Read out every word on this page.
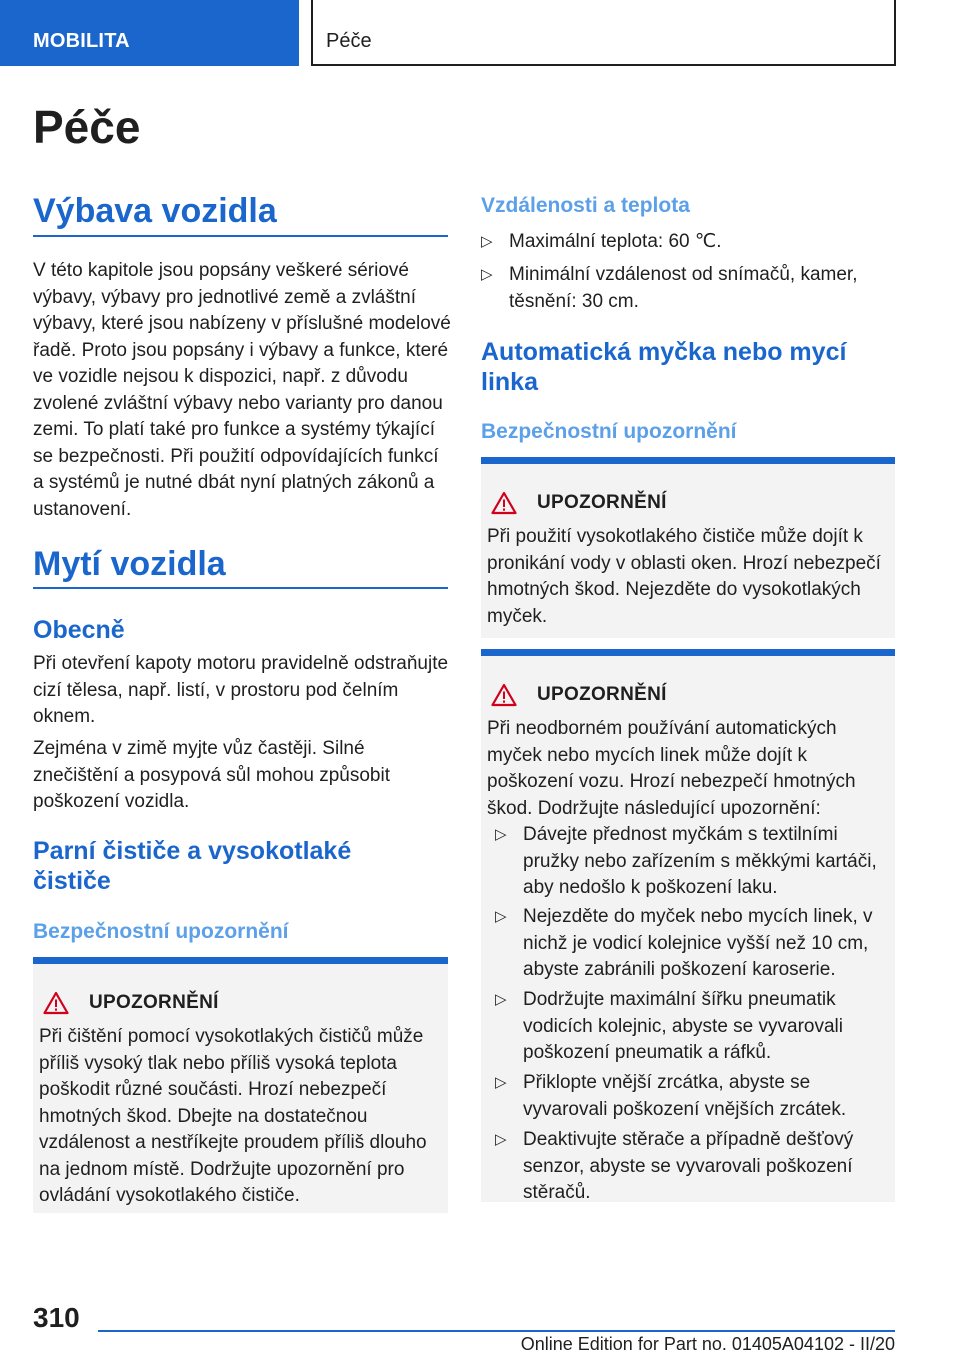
MOBILITA	Péče
Péče
Výbava vozidla
V této kapitole jsou popsány veškeré sériové výbavy, výbavy pro jednotlivé země a zvláštní výbavy, které jsou nabízeny v příslušné modelové řadě. Proto jsou popsány i výbavy a funkce, které ve vozidle nejsou k dispozici, např. z důvodu zvolené zvláštní výbavy nebo varianty pro danou zemi. To platí také pro funkce a systémy týkající se bezpečnosti. Při použití odpovídajících funkcí a systémů je nutné dbát nyní platných zákonů a ustanovení.
Mytí vozidla
Obecně
Při otevření kapoty motoru pravidelně odstraňujte cizí tělesa, např. listí, v prostoru pod čelním oknem.
Zejména v zimě myjte vůz častěji. Silné znečištění a posypová sůl mohou způsobit poškození vozidla.
Parní čističe a vysokotlaké čističe
Bezpečnostní upozornění
UPOZORNĚNÍ
Při čištění pomocí vysokotlakých čističů může příliš vysoký tlak nebo příliš vysoká teplota poškodit různé součásti. Hrozí nebezpečí hmotných škod. Dbejte na dostatečnou vzdálenost a nestříkejte proudem příliš dlouho na jednom místě. Dodržujte upozornění pro ovládání vysokotlakého čističe.
Vzdálenosti a teplota
▷ Maximální teplota: 60 ℃.
▷ Minimální vzdálenost od snímačů, kamer, těsnění: 30 cm.
Automatická myčka nebo mycí linka
Bezpečnostní upozornění
UPOZORNĚNÍ
Při použití vysokotlakého čističe může dojít k pronikání vody v oblasti oken. Hrozí nebezpečí hmotných škod. Nejezděte do vysokotlakých myček.
UPOZORNĚNÍ
Při neodborném používání automatických myček nebo mycích linek může dojít k poškození vozu. Hrozí nebezpečí hmotných škod. Dodržujte následující upozornění:
▷ Dávejte přednost myčkám s textilními pružky nebo zařízením s měkkými kartáči, aby nedošlo k poškození laku.
▷ Nejezděte do myček nebo mycích linek, v nichž je vodicí kolejnice vyšší než 10 cm, abyste zabránili poškození karoserie.
▷ Dodržujte maximální šířku pneumatik vodicích kolejnic, abyste se vyvarovali poškození pneumatik a ráfků.
▷ Přiklopte vnější zrcátka, abyste se vyvarovali poškození vnějších zrcátek.
▷ Deaktivujte stěrače a případně dešťový senzor, abyste se vyvarovali poškození stěračů.
310
Online Edition for Part no. 01405A04102 - II/20
